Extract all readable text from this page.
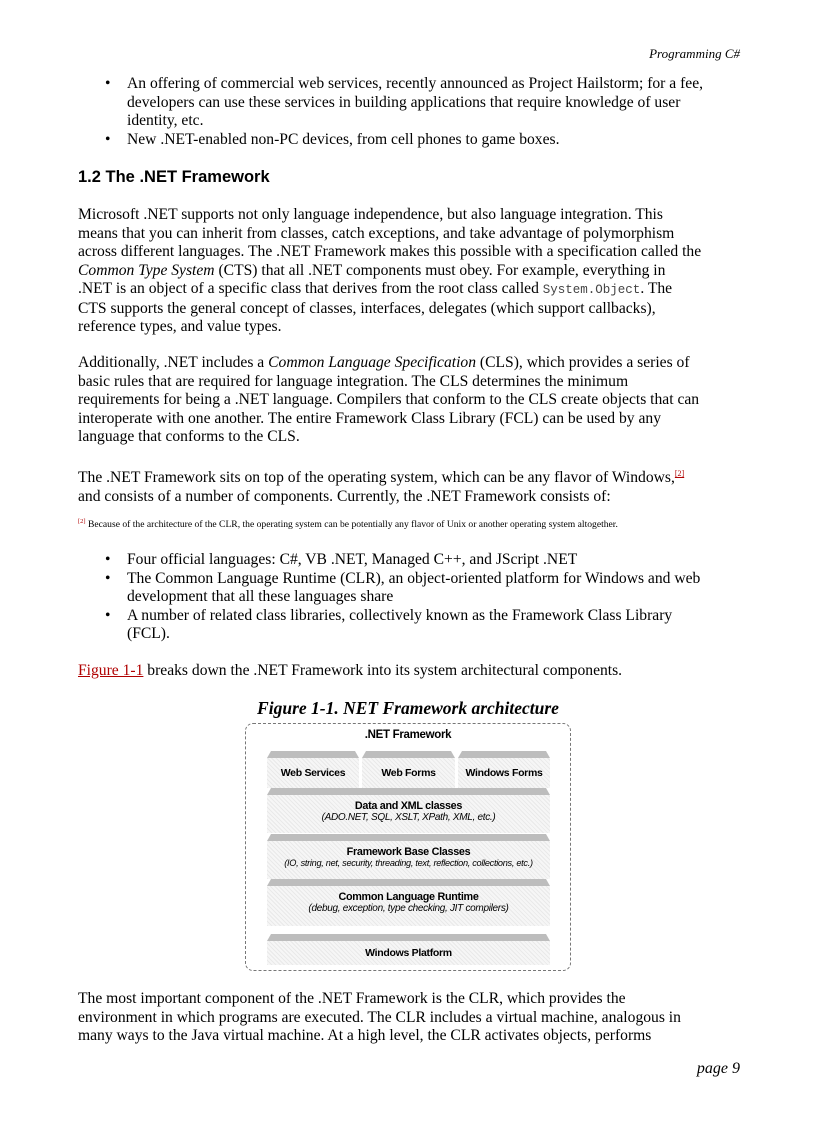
Programming C#
• An offering of commercial web services, recently announced as Project Hailstorm; for a fee,
developers can use these services in building applications that require knowledge of user
identity, etc.
• New .NET-enabled non-PC devices, from cell phones to game boxes.
1.2 The .NET Framework
Microsoft .NET supports not only language independence, but also language integration. This
means that you can inherit from classes, catch exceptions, and take advantage of polymorphism
across different languages. The .NET Framework makes this possible with a specification called the
Common Type System (CTS) that all .NET components must obey. For example, everything in
.NET is an object of a specific class that derives from the root class called System.Object. The
CTS supports the general concept of classes, interfaces, delegates (which support callbacks),
reference types, and value types.
Additionally, .NET includes a Common Language Specification (CLS), which provides a series of
basic rules that are required for language integration. The CLS determines the minimum
requirements for being a .NET language. Compilers that conform to the CLS create objects that can
interoperate with one another. The entire Framework Class Library (FCL) can be used by any
language that conforms to the CLS.
The .NET Framework sits on top of the operating system, which can be any flavor of Windows,[2]
and consists of a number of components. Currently, the .NET Framework consists of:
[2] Because of the architecture of the CLR, the operating system can be potentially any flavor of Unix or another operating system altogether.
• Four official languages: C#, VB .NET, Managed C++, and JScript .NET
• The Common Language Runtime (CLR), an object-oriented platform for Windows and web
development that all these languages share
• A number of related class libraries, collectively known as the Framework Class Library
(FCL).
Figure 1-1 breaks down the .NET Framework into its system architectural components.
Figure 1-1. NET Framework architecture
.NET Framework
Web Services	Web Forms	Windows Forms
Data and XML classes
(ADO.NET, SQL, XSLT, XPath, XML, etc.)
Framework Base Classes
(IO, string, net, security, threading, text, reflection, collections, etc.)
Common Language Runtime
(debug, exception, type checking, JIT compilers)
Windows Platform
The most important component of the .NET Framework is the CLR, which provides the
environment in which programs are executed. The CLR includes a virtual machine, analogous in
many ways to the Java virtual machine. At a high level, the CLR activates objects, performs
page 9
